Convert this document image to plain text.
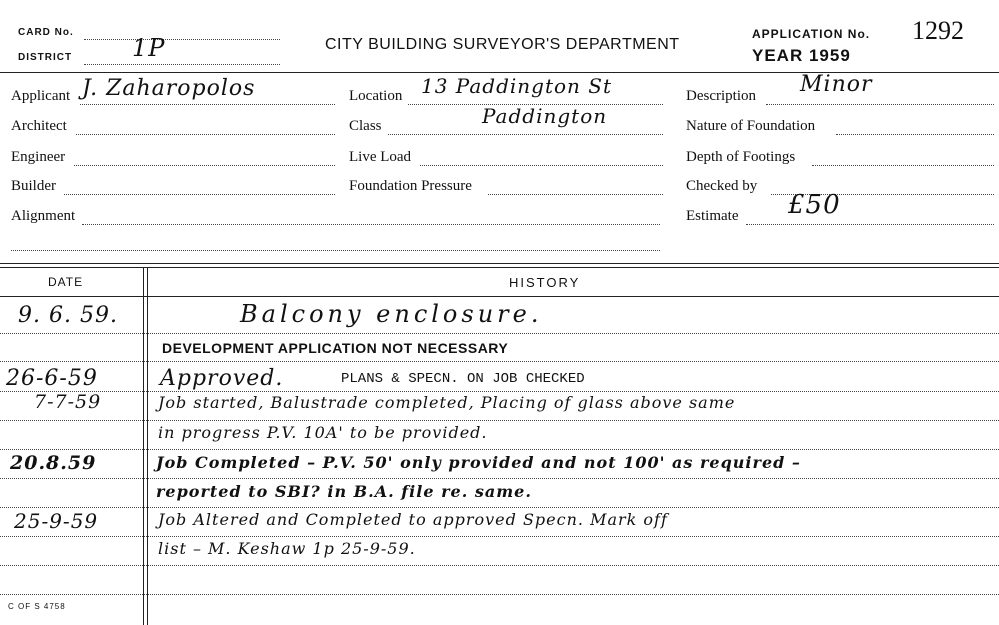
CARD No.
DISTRICT 1P	CITY BUILDING SURVEYOR'S DEPARTMENT
APPLICATION No. 1292
YEAR 1959
Applicant J. Zaharopolos
Architect
Engineer
Builder
Alignment
Location 13 Paddington St
Class	Paddington
Live Load
Foundation Pressure
Description Minor
Nature of Foundation
Depth of Footings
Checked by
Estimate £50
DATE	HISTORY
9. 6. 59.	Balcony enclosure.
DEVELOPMENT APPLICATION NOT NECESSARY
26-6-59	Approved.	PLANS & SPECN. ON JOB CHECKED
7-7-59	Job started, Balustrade completed, Placing of glass above same
in progress P.V. 10A' to be provided.
20.8.59	Job Completed – P.V. 50' only provided and not 100' as required –
reported to SBI? in B.A. file re. same.
25-9-59	Job Altered and Completed to approved Specn. Mark off
list – M. Keshaw 1p 25-9-59.
C OF S 4758
